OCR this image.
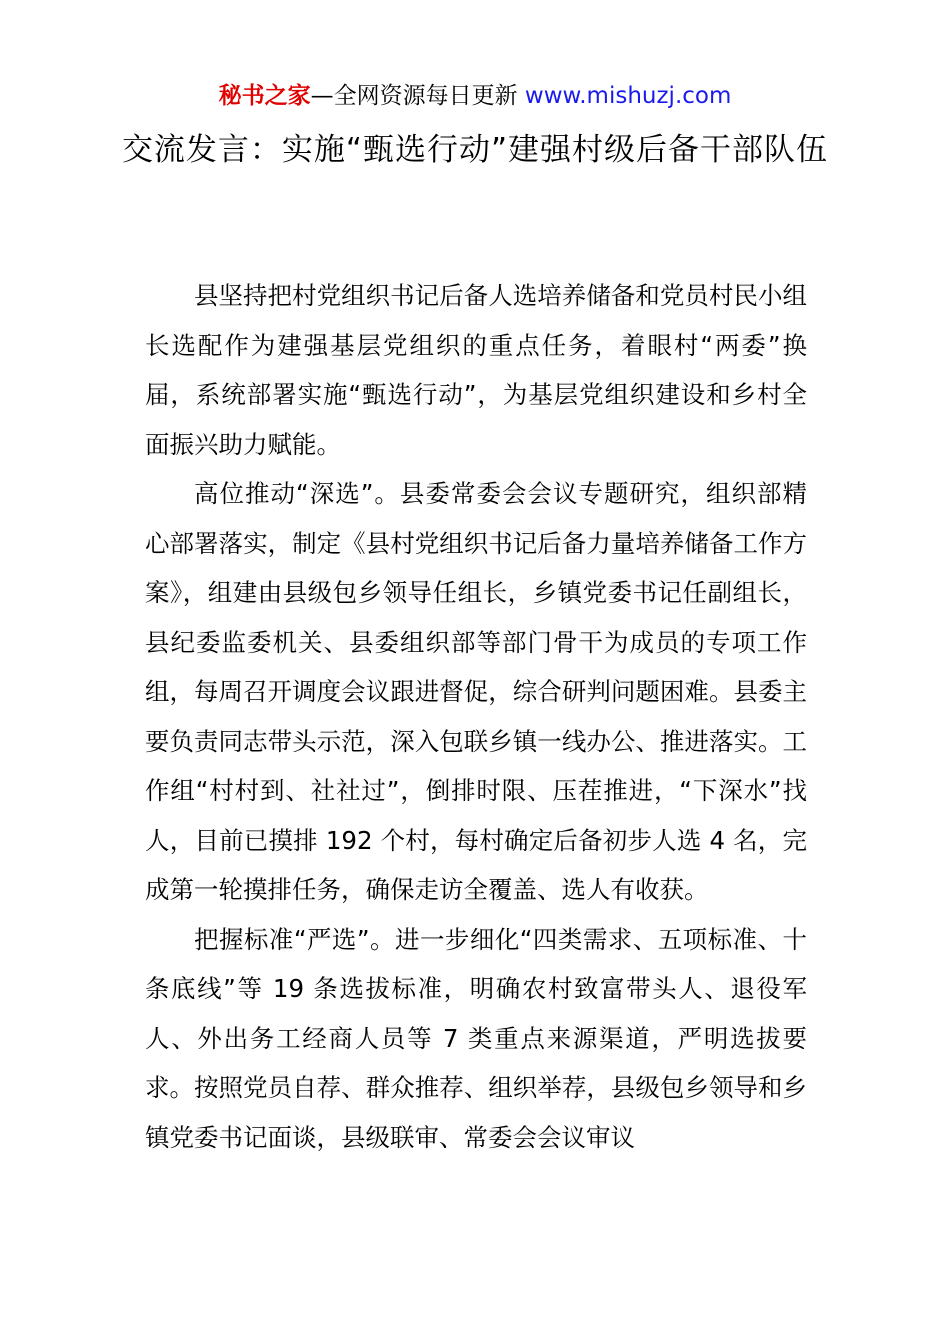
秘书之家—全网资源每日更新 www.mishuzj.com
交流发言：实施“甄选行动”建强村级后备干部队伍

县坚持把村党组织书记后备人选培养储备和党员村民小组长选配作为建强基层党组织的重点任务，着眼村“两委”换届，系统部署实施“甄选行动”，为基层党组织建设和乡村全面振兴助力赋能。

高位推动“深选”。县委常委会会议专题研究，组织部精心部署落实，制定《县村党组织书记后备力量培养储备工作方案》，组建由县级包乡领导任组长，乡镇党委书记任副组长，县纪委监委机关、县委组织部等部门骨干为成员的专项工作组，每周召开调度会议跟进督促，综合研判问题困难。县委主要负责同志带头示范，深入包联乡镇一线办公、推进落实。工作组“村村到、社社过”，倒排时限、压茬推进，“下深水”找人，目前已摸排 192 个村，每村确定后备初步人选 4 名，完成第一轮摸排任务，确保走访全覆盖、选人有收获。

把握标准“严选”。进一步细化“四类需求、五项标准、十条底线”等 19 条选拔标准，明确农村致富带头人、退役军人、外出务工经商人员等 7 类重点来源渠道，严明选拔要求。按照党员自荐、群众推荐、组织举荐，县级包乡领导和乡镇党委书记面谈，县级联审、常委会会议审议
